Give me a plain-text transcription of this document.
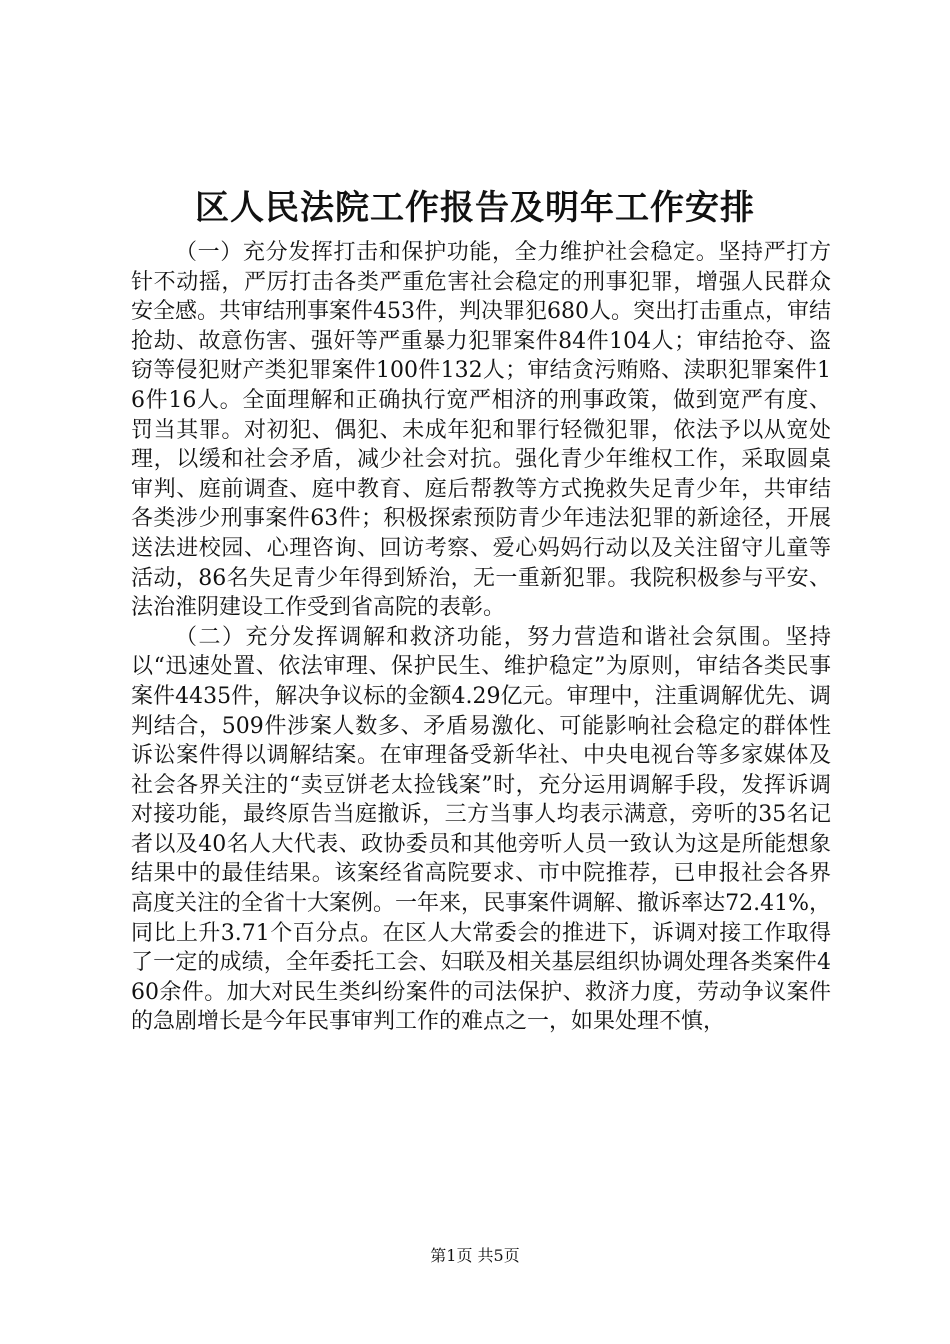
区人民法院工作报告及明年工作安排

（一）充分发挥打击和保护功能，全力维护社会稳定。坚持严打方针不动摇，严厉打击各类严重危害社会稳定的刑事犯罪，增强人民群众安全感。共审结刑事案件453件，判决罪犯680人。突出打击重点，审结抢劫、故意伤害、强奸等严重暴力犯罪案件84件104人；审结抢夺、盗窃等侵犯财产类犯罪案件100件132人；审结贪污贿赂、渎职犯罪案件16件16人。全面理解和正确执行宽严相济的刑事政策，做到宽严有度、罚当其罪。对初犯、偶犯、未成年犯和罪行轻微犯罪，依法予以从宽处理，以缓和社会矛盾，减少社会对抗。强化青少年维权工作，采取圆桌审判、庭前调查、庭中教育、庭后帮教等方式挽救失足青少年，共审结各类涉少刑事案件63件；积极探索预防青少年违法犯罪的新途径，开展送法进校园、心理咨询、回访考察、爱心妈妈行动以及关注留守儿童等活动，86名失足青少年得到矫治，无一重新犯罪。我院积极参与平安、法治淮阴建设工作受到省高院的表彰。

（二）充分发挥调解和救济功能，努力营造和谐社会氛围。坚持以“迅速处置、依法审理、保护民生、维护稳定”为原则，审结各类民事案件4435件，解决争议标的金额4.29亿元。审理中，注重调解优先、调判结合，509件涉案人数多、矛盾易激化、可能影响社会稳定的群体性诉讼案件得以调解结案。在审理备受新华社、中央电视台等多家媒体及社会各界关注的“卖豆饼老太捡钱案”时，充分运用调解手段，发挥诉调对接功能，最终原告当庭撤诉，三方当事人均表示满意，旁听的35名记者以及40名人大代表、政协委员和其他旁听人员一致认为这是所能想象结果中的最佳结果。该案经省高院要求、市中院推荐，已申报社会各界高度关注的全省十大案例。一年来，民事案件调解、撤诉率达72.41%，同比上升3.71个百分点。在区人大常委会的推进下，诉调对接工作取得了一定的成绩，全年委托工会、妇联及相关基层组织协调处理各类案件460余件。加大对民生类纠纷案件的司法保护、救济力度，劳动争议案件的急剧增长是今年民事审判工作的难点之一，如果处理不慎，

第1页 共5页
